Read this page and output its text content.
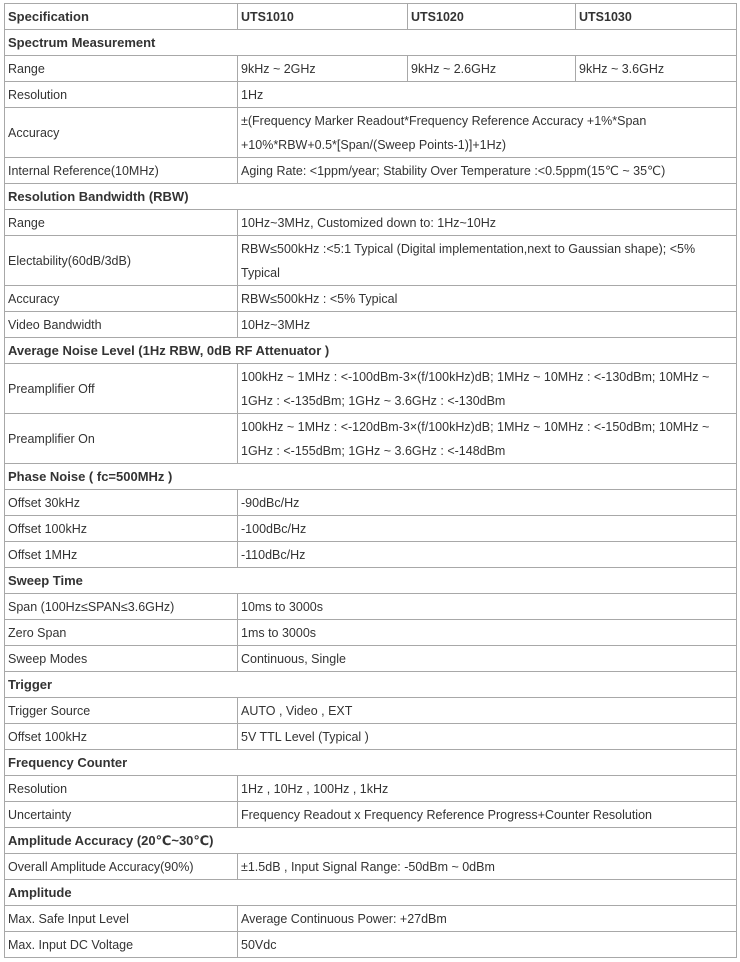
Specification	UTS1010	UTS1020	UTS1030
Spectrum Measurement			
Range	9kHz ~ 2GHz	9kHz ~ 2.6GHz	9kHz ~ 3.6GHz
Resolution	1Hz		
Accuracy	±(Frequency Marker Readout*Frequency Reference Accuracy +1%*Span +10%*RBW+0.5*[Span/(Sweep Points-1)]+1Hz)		
Internal Reference(10MHz)	Aging Rate: <1ppm/year; Stability Over Temperature :<0.5ppm(15℃ ~ 35℃)		
Resolution Bandwidth (RBW)			
Range	10Hz~3MHz, Customized down to: 1Hz~10Hz		
Electability(60dB/3dB)	RBW≤500kHz :<5:1 Typical (Digital implementation,next to Gaussian shape); <5% Typical		
Accuracy	RBW≤500kHz : <5% Typical		
Video Bandwidth	10Hz~3MHz		
Average Noise Level (1Hz RBW, 0dB RF Attenuator )			
Preamplifier Off	100kHz ~ 1MHz : <-100dBm-3×(f/100kHz)dB; 1MHz ~ 10MHz : <-130dBm; 10MHz ~ 1GHz : <-135dBm; 1GHz ~ 3.6GHz : <-130dBm		
Preamplifier On	100kHz ~ 1MHz : <-120dBm-3×(f/100kHz)dB; 1MHz ~ 10MHz : <-150dBm; 10MHz ~ 1GHz : <-155dBm; 1GHz ~ 3.6GHz : <-148dBm		
Phase Noise ( fc=500MHz )			
Offset 30kHz	-90dBc/Hz		
Offset 100kHz	-100dBc/Hz		
Offset 1MHz	-110dBc/Hz		
Sweep Time			
Span (100Hz≤SPAN≤3.6GHz)	10ms to 3000s		
Zero Span	1ms to 3000s		
Sweep Modes	Continuous, Single		
Trigger			
Trigger Source	AUTO , Video , EXT		
Offset 100kHz	5V TTL Level (Typical )		
Frequency Counter			
Resolution	1Hz , 10Hz , 100Hz , 1kHz		
Uncertainty	Frequency Readout x Frequency Reference Progress+Counter Resolution		
Amplitude Accuracy (20℃~30℃)			
Overall Amplitude Accuracy(90%)	±1.5dB , Input Signal Range: -50dBm ~ 0dBm		
Amplitude			
Max. Safe Input Level	Average Continuous Power: +27dBm		
Max. Input DC Voltage	50Vdc		
